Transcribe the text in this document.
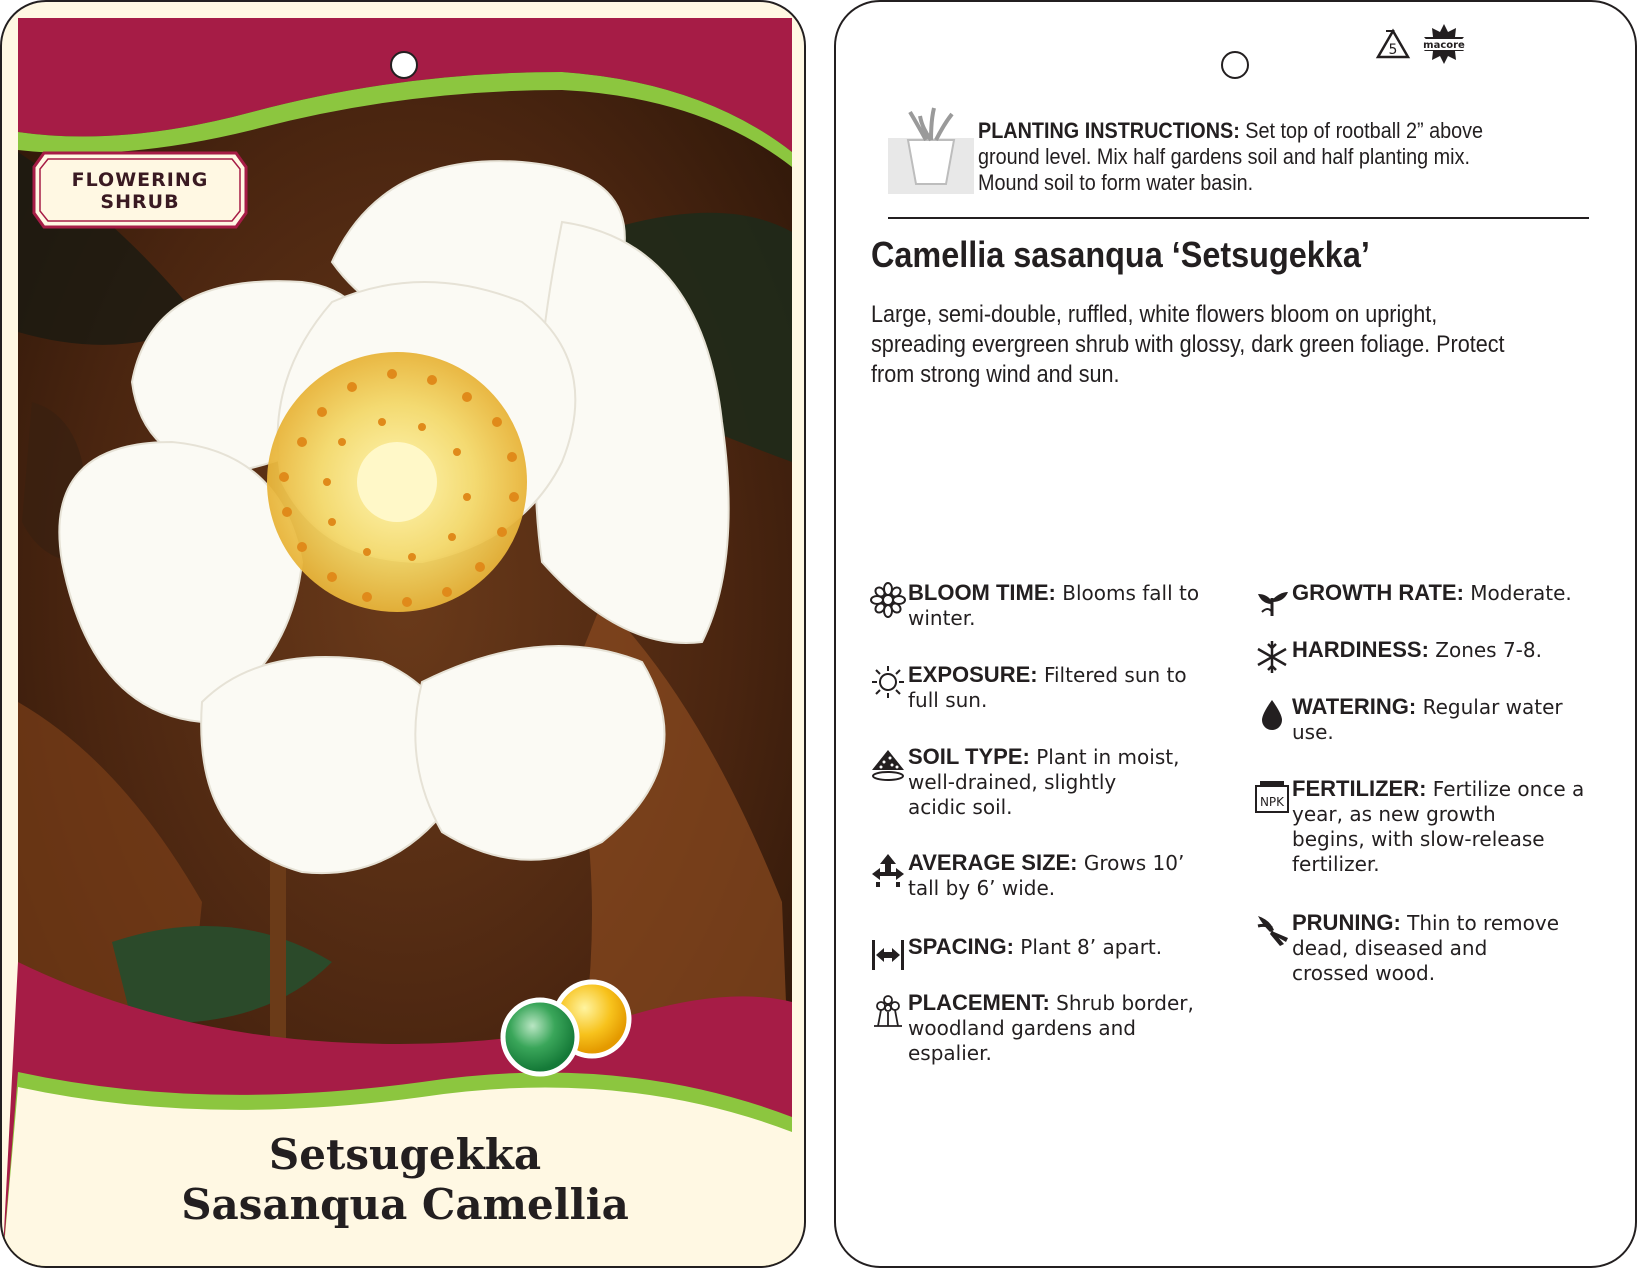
FLOWERING
SHRUB
Setsugekka
Sasanqua Camellia
5	macore
PLANTING INSTRUCTIONS: Set top of rootball 2” above
ground level. Mix half gardens soil and half planting mix.
Mound soil to form water basin.
Camellia sasanqua ‘Setsugekka’
Large, semi-double, ruffled, white flowers bloom on upright,
spreading evergreen shrub with glossy, dark green foliage. Protect
from strong wind and sun.
BLOOM TIME: Blooms fall to
winter.
EXPOSURE: Filtered sun to
full sun.
SOIL TYPE: Plant in moist,
well-drained, slightly
acidic soil.
AVERAGE SIZE: Grows 10’
tall by 6’ wide.
SPACING: Plant 8’ apart.
PLACEMENT: Shrub border,
woodland gardens and
espalier.
GROWTH RATE: Moderate.
HARDINESS: Zones 7-8.
WATERING: Regular water
use.
NPK
FERTILIZER: Fertilize once a
year, as new growth
begins, with slow-release
fertilizer.
PRUNING: Thin to remove
dead, diseased and
crossed wood.
